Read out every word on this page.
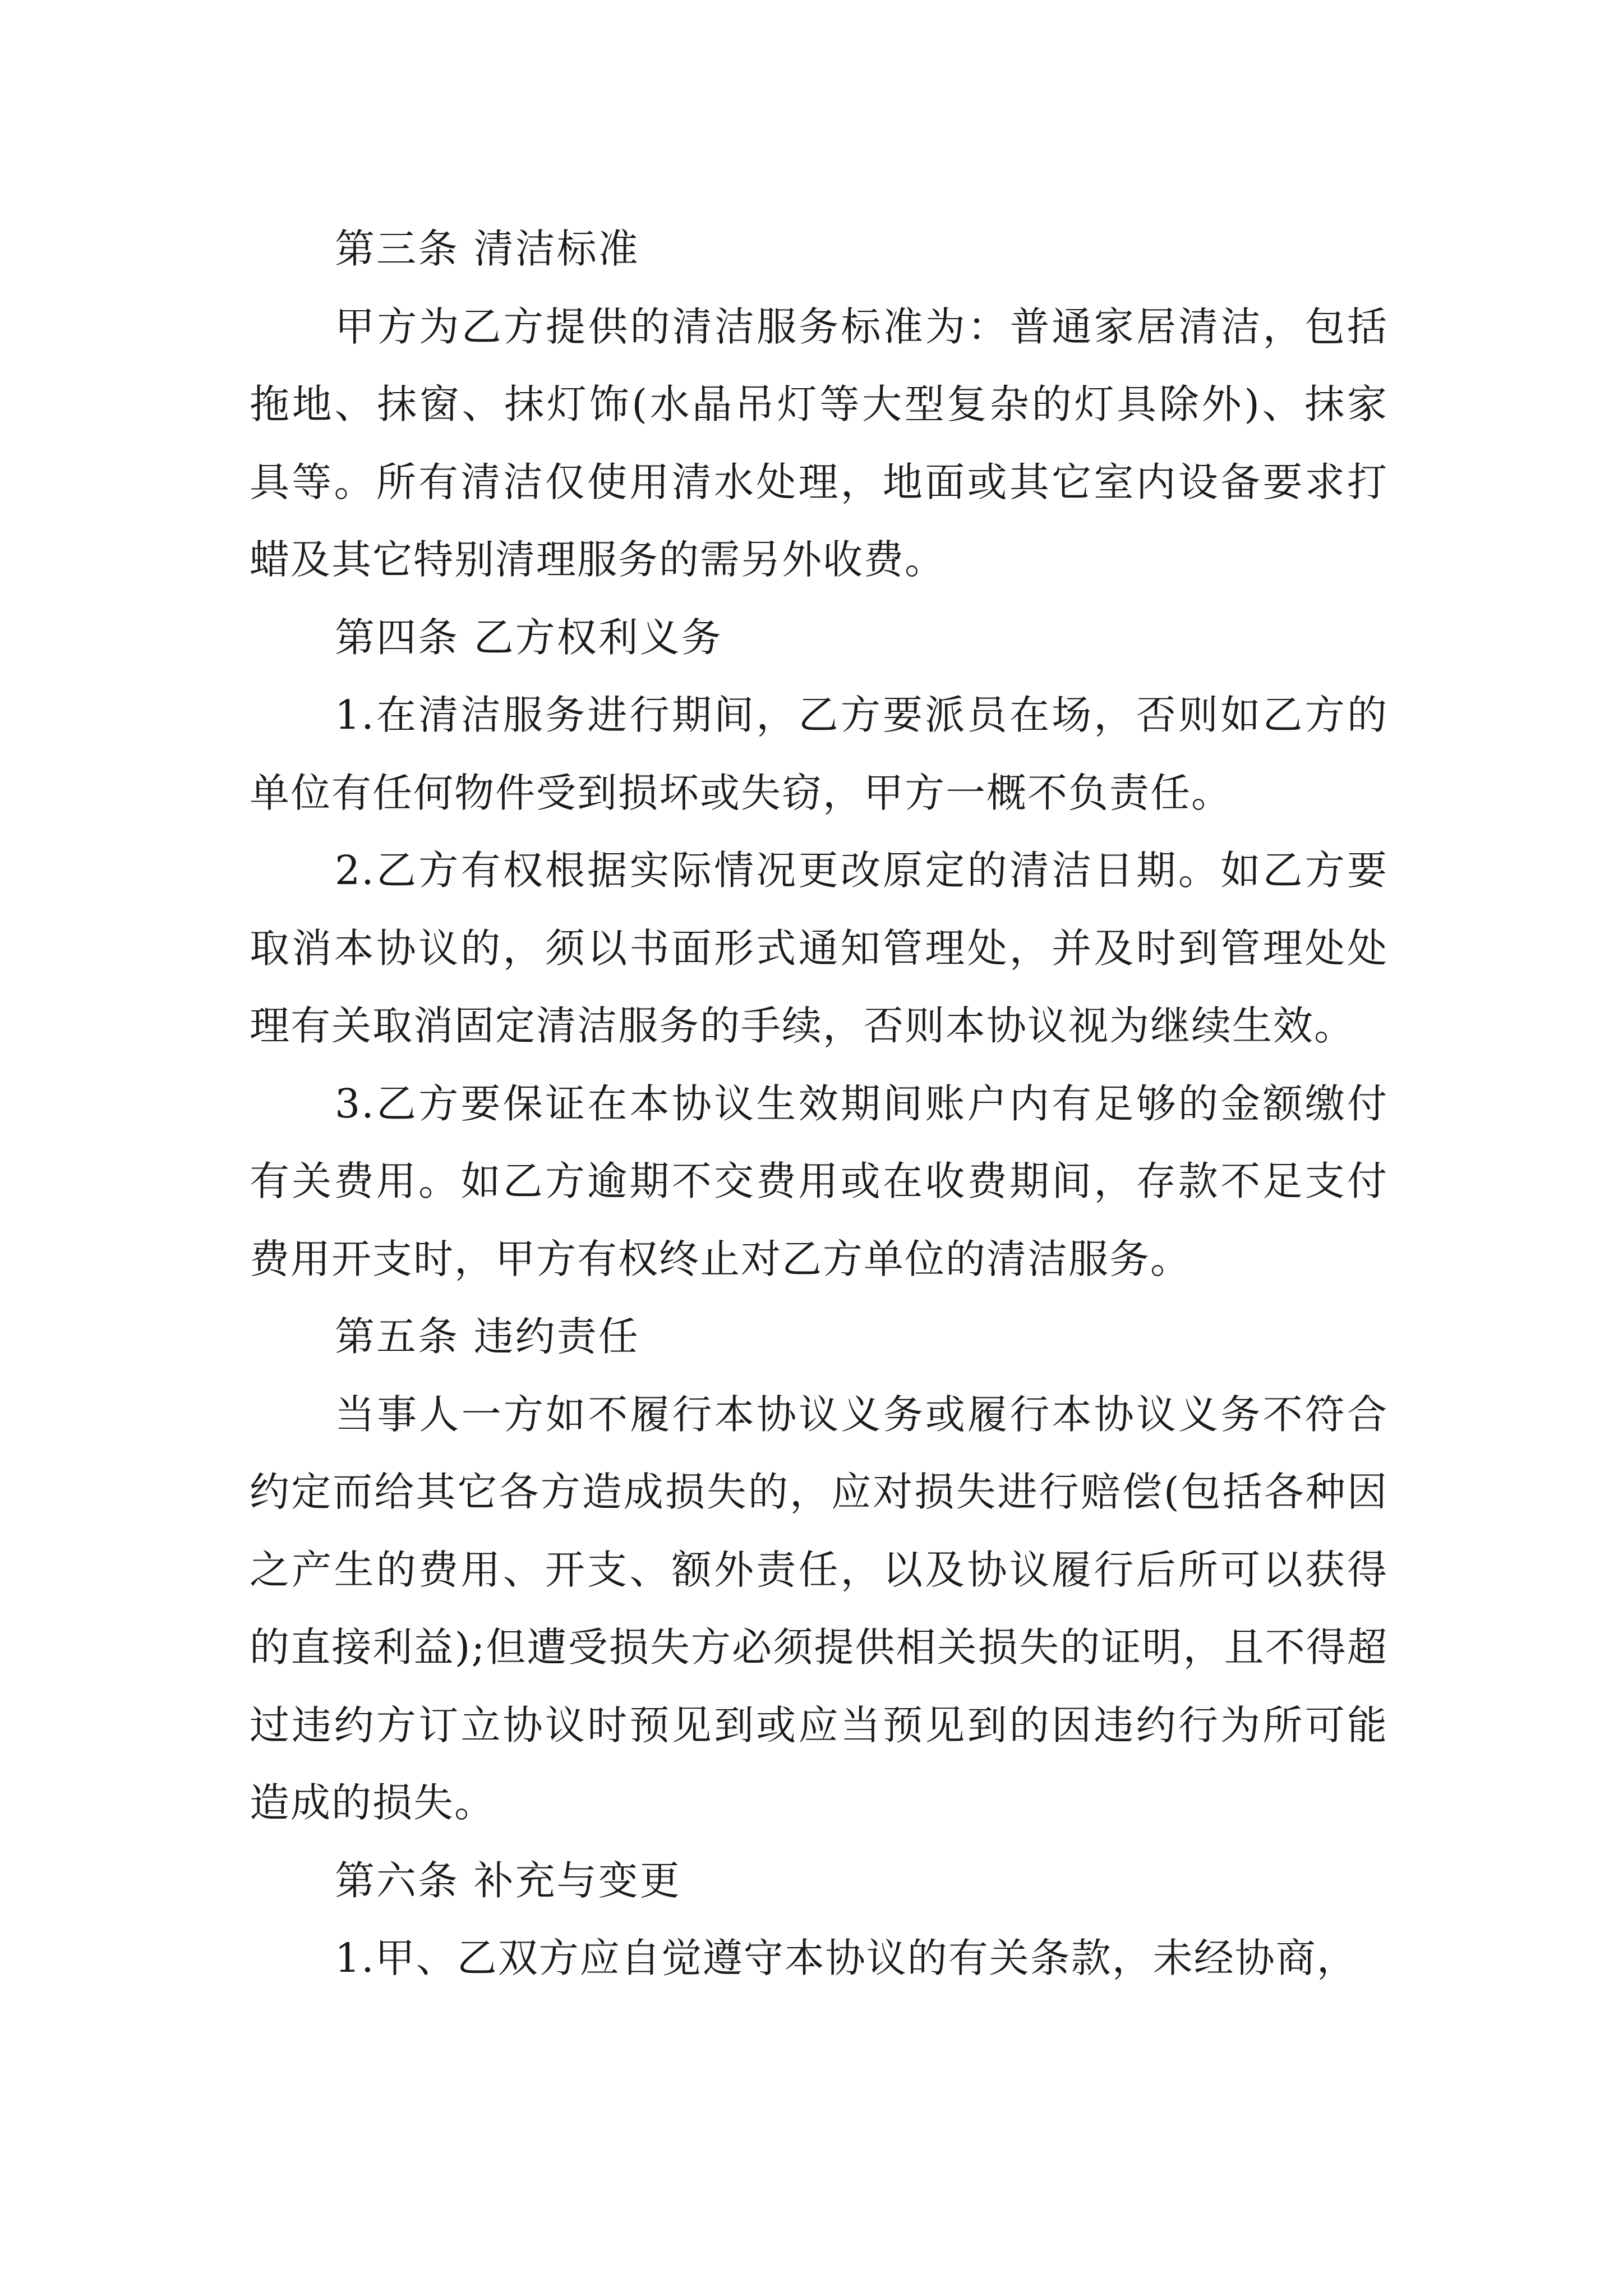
第三条 清洁标准

甲方为乙方提供的清洁服务标准为：普通家居清洁，包括拖地、抹窗、抹灯饰(水晶吊灯等大型复杂的灯具除外)、抹家具等。所有清洁仅使用清水处理，地面或其它室内设备要求打蜡及其它特别清理服务的需另外收费。

第四条 乙方权利义务

1.在清洁服务进行期间，乙方要派员在场，否则如乙方的单位有任何物件受到损坏或失窃，甲方一概不负责任。

2.乙方有权根据实际情况更改原定的清洁日期。如乙方要取消本协议的，须以书面形式通知管理处，并及时到管理处处理有关取消固定清洁服务的手续，否则本协议视为继续生效。

3.乙方要保证在本协议生效期间账户内有足够的金额缴付有关费用。如乙方逾期不交费用或在收费期间，存款不足支付费用开支时，甲方有权终止对乙方单位的清洁服务。

第五条 违约责任

当事人一方如不履行本协议义务或履行本协议义务不符合约定而给其它各方造成损失的，应对损失进行赔偿(包括各种因之产生的费用、开支、额外责任，以及协议履行后所可以获得的直接利益);但遭受损失方必须提供相关损失的证明，且不得超过违约方订立协议时预见到或应当预见到的因违约行为所可能造成的损失。

第六条 补充与变更

1.甲、乙双方应自觉遵守本协议的有关条款，未经协商，
